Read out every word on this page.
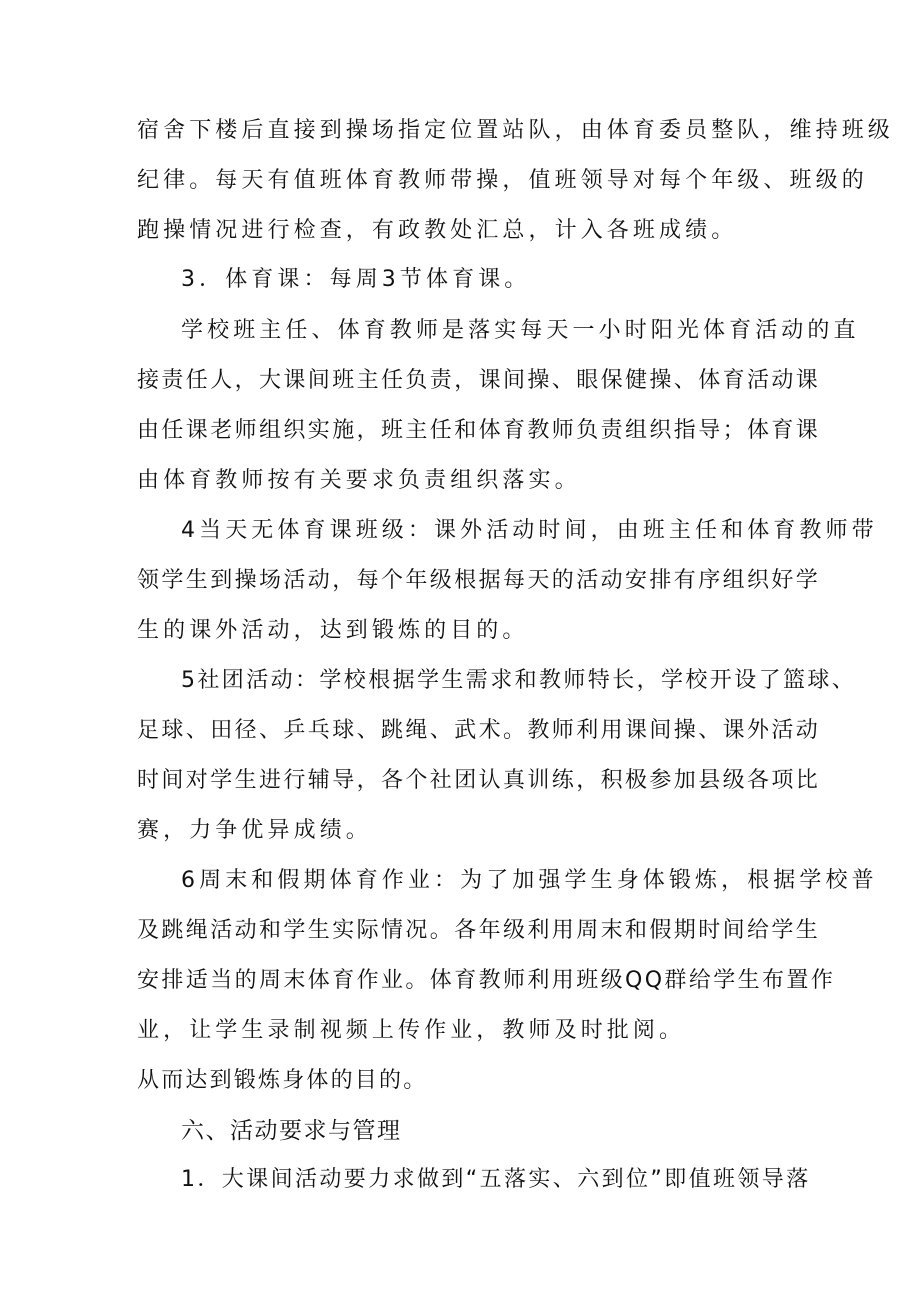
宿舍下楼后直接到操场指定位置站队，由体育委员整队，维持班级
纪律。每天有值班体育教师带操，值班领导对每个年级、班级的
跑操情况进行检查，有政教处汇总，计入各班成绩。
3．体育课：每周3节体育课。
学校班主任、体育教师是落实每天一小时阳光体育活动的直
接责任人，大课间班主任负责，课间操、眼保健操、体育活动课
由任课老师组织实施，班主任和体育教师负责组织指导；体育课
由体育教师按有关要求负责组织落实。
4当天无体育课班级：课外活动时间，由班主任和体育教师带
领学生到操场活动，每个年级根据每天的活动安排有序组织好学
生的课外活动，达到锻炼的目的。
5社团活动：学校根据学生需求和教师特长，学校开设了篮球、
足球、田径、乒乓球、跳绳、武术。教师利用课间操、课外活动
时间对学生进行辅导，各个社团认真训练，积极参加县级各项比
赛，力争优异成绩。
6周末和假期体育作业：为了加强学生身体锻炼，根据学校普
及跳绳活动和学生实际情况。各年级利用周末和假期时间给学生
安排适当的周末体育作业。体育教师利用班级QQ群给学生布置作
业，让学生录制视频上传作业，教师及时批阅。
从而达到锻炼身体的目的。
六、活动要求与管理
1．大课间活动要力求做到“五落实、六到位”即值班领导落
